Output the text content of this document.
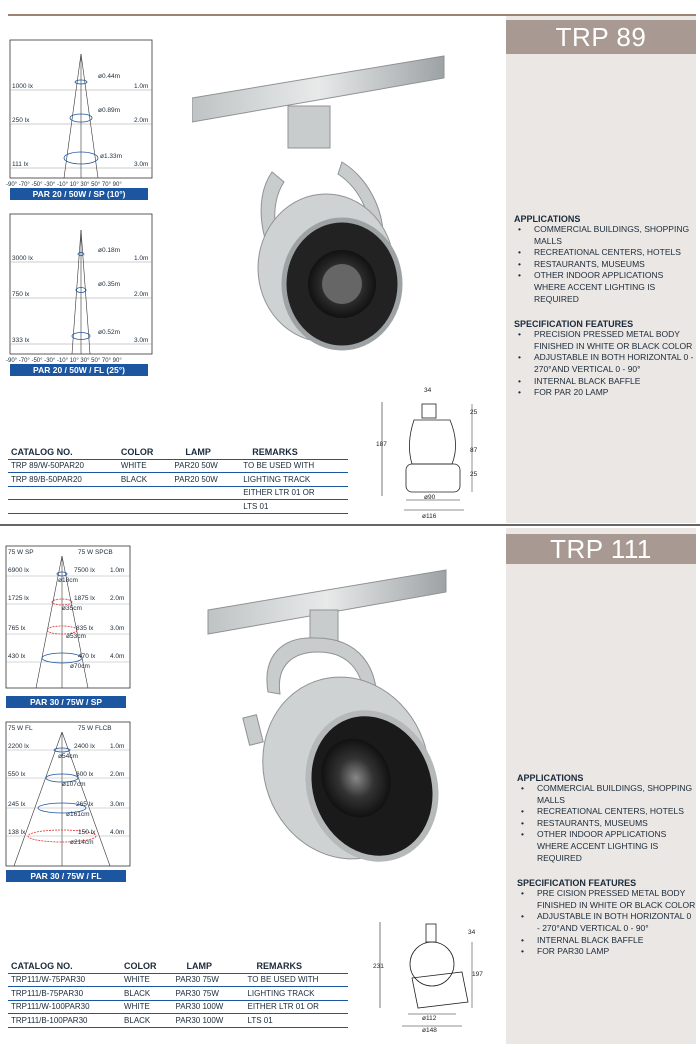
TRP 89
1000 lx
250 lx
111 lx
ø0.44m
ø0.89m
ø1.33m
1.0m
2.0m
3.0m
-90° -70° -50° -30° -10° 10° 30° 50° 70° 90°
PAR 20 / 50W / SP (10°)
3000 lx
750 lx
333 lx
ø0.18m
ø0.35m
ø0.52m
1.0m
2.0m
3.0m
-90° -70° -50° -30° -10° 10° 30° 50° 70° 90°
PAR 20 / 50W / FL (25°)
APPLICATIONS
• COMMERCIAL BUILDINGS, SHOPPING MALLS
• RECREATIONAL CENTERS, HOTELS
• RESTAURANTS, MUSEUMS
• OTHER INDOOR APPLICATIONS WHERE ACCENT LIGHTING IS REQUIRED
SPECIFICATION FEATURES
• PRECISION PRESSED METAL BODY FINISHED IN WHITE OR BLACK COLOR
• ADJUSTABLE IN BOTH HORIZONTAL 0 - 270°AND VERTICAL 0 - 90°
• INTERNAL BLACK BAFFLE
• FOR PAR 20 LAMP
187
34
ø90
ø116
25
87
25
CATALOG NO.	COLOR	LAMP	REMARKS
TRP 89/W-50PAR20	WHITE	PAR20 50W	TO BE USED WITH
TRP 89/B-50PAR20	BLACK	PAR20 50W	LIGHTING TRACK
			EITHER LTR 01 OR
			LTS 01
TRP 111
75 W SP	75 W SPCB
6900 lx
1725 lx
765 lx
430 lx
7500 lx
1875 lx
835 lx
470 lx
1.0m
2.0m
3.0m
4.0m
ø18cm
ø35cm
ø53cm
ø70cm
PAR 30 / 75W / SP
75 W FL	75 W FLCB
2200 lx
550 lx
245 lx
138 lx
2400 lx
600 lx
265 lx
150 lx
1.0m
2.0m
3.0m
4.0m
ø54cm
ø107cm
ø161cm
ø214cm
PAR 30 / 75W / FL
APPLICATIONS
• COMMERCIAL BUILDINGS, SHOPPING MALLS
• RECREATIONAL CENTERS, HOTELS
• RESTAURANTS, MUSEUMS
• OTHER INDOOR APPLICATIONS WHERE ACCENT LIGHTING IS REQUIRED
SPECIFICATION FEATURES
• PRE CISION PRESSED METAL BODY FINISHED IN WHITE OR BLACK COLOR
• ADJUSTABLE IN BOTH HORIZONTAL 0 - 270°AND VERTICAL 0 - 90°
• INTERNAL BLACK BAFFLE
• FOR PAR30 LAMP
231
34
197
ø112
ø148
CATALOG NO.	COLOR	LAMP	REMARKS
TRP111/W-75PAR30	WHITE	PAR30 75W	TO BE USED WITH
TRP111/B-75PAR30	BLACK	PAR30 75W	LIGHTING TRACK
TRP111/W-100PAR30	WHITE	PAR30 100W	EITHER LTR 01 OR
TRP111/B-100PAR30	BLACK	PAR30 100W	LTS 01
